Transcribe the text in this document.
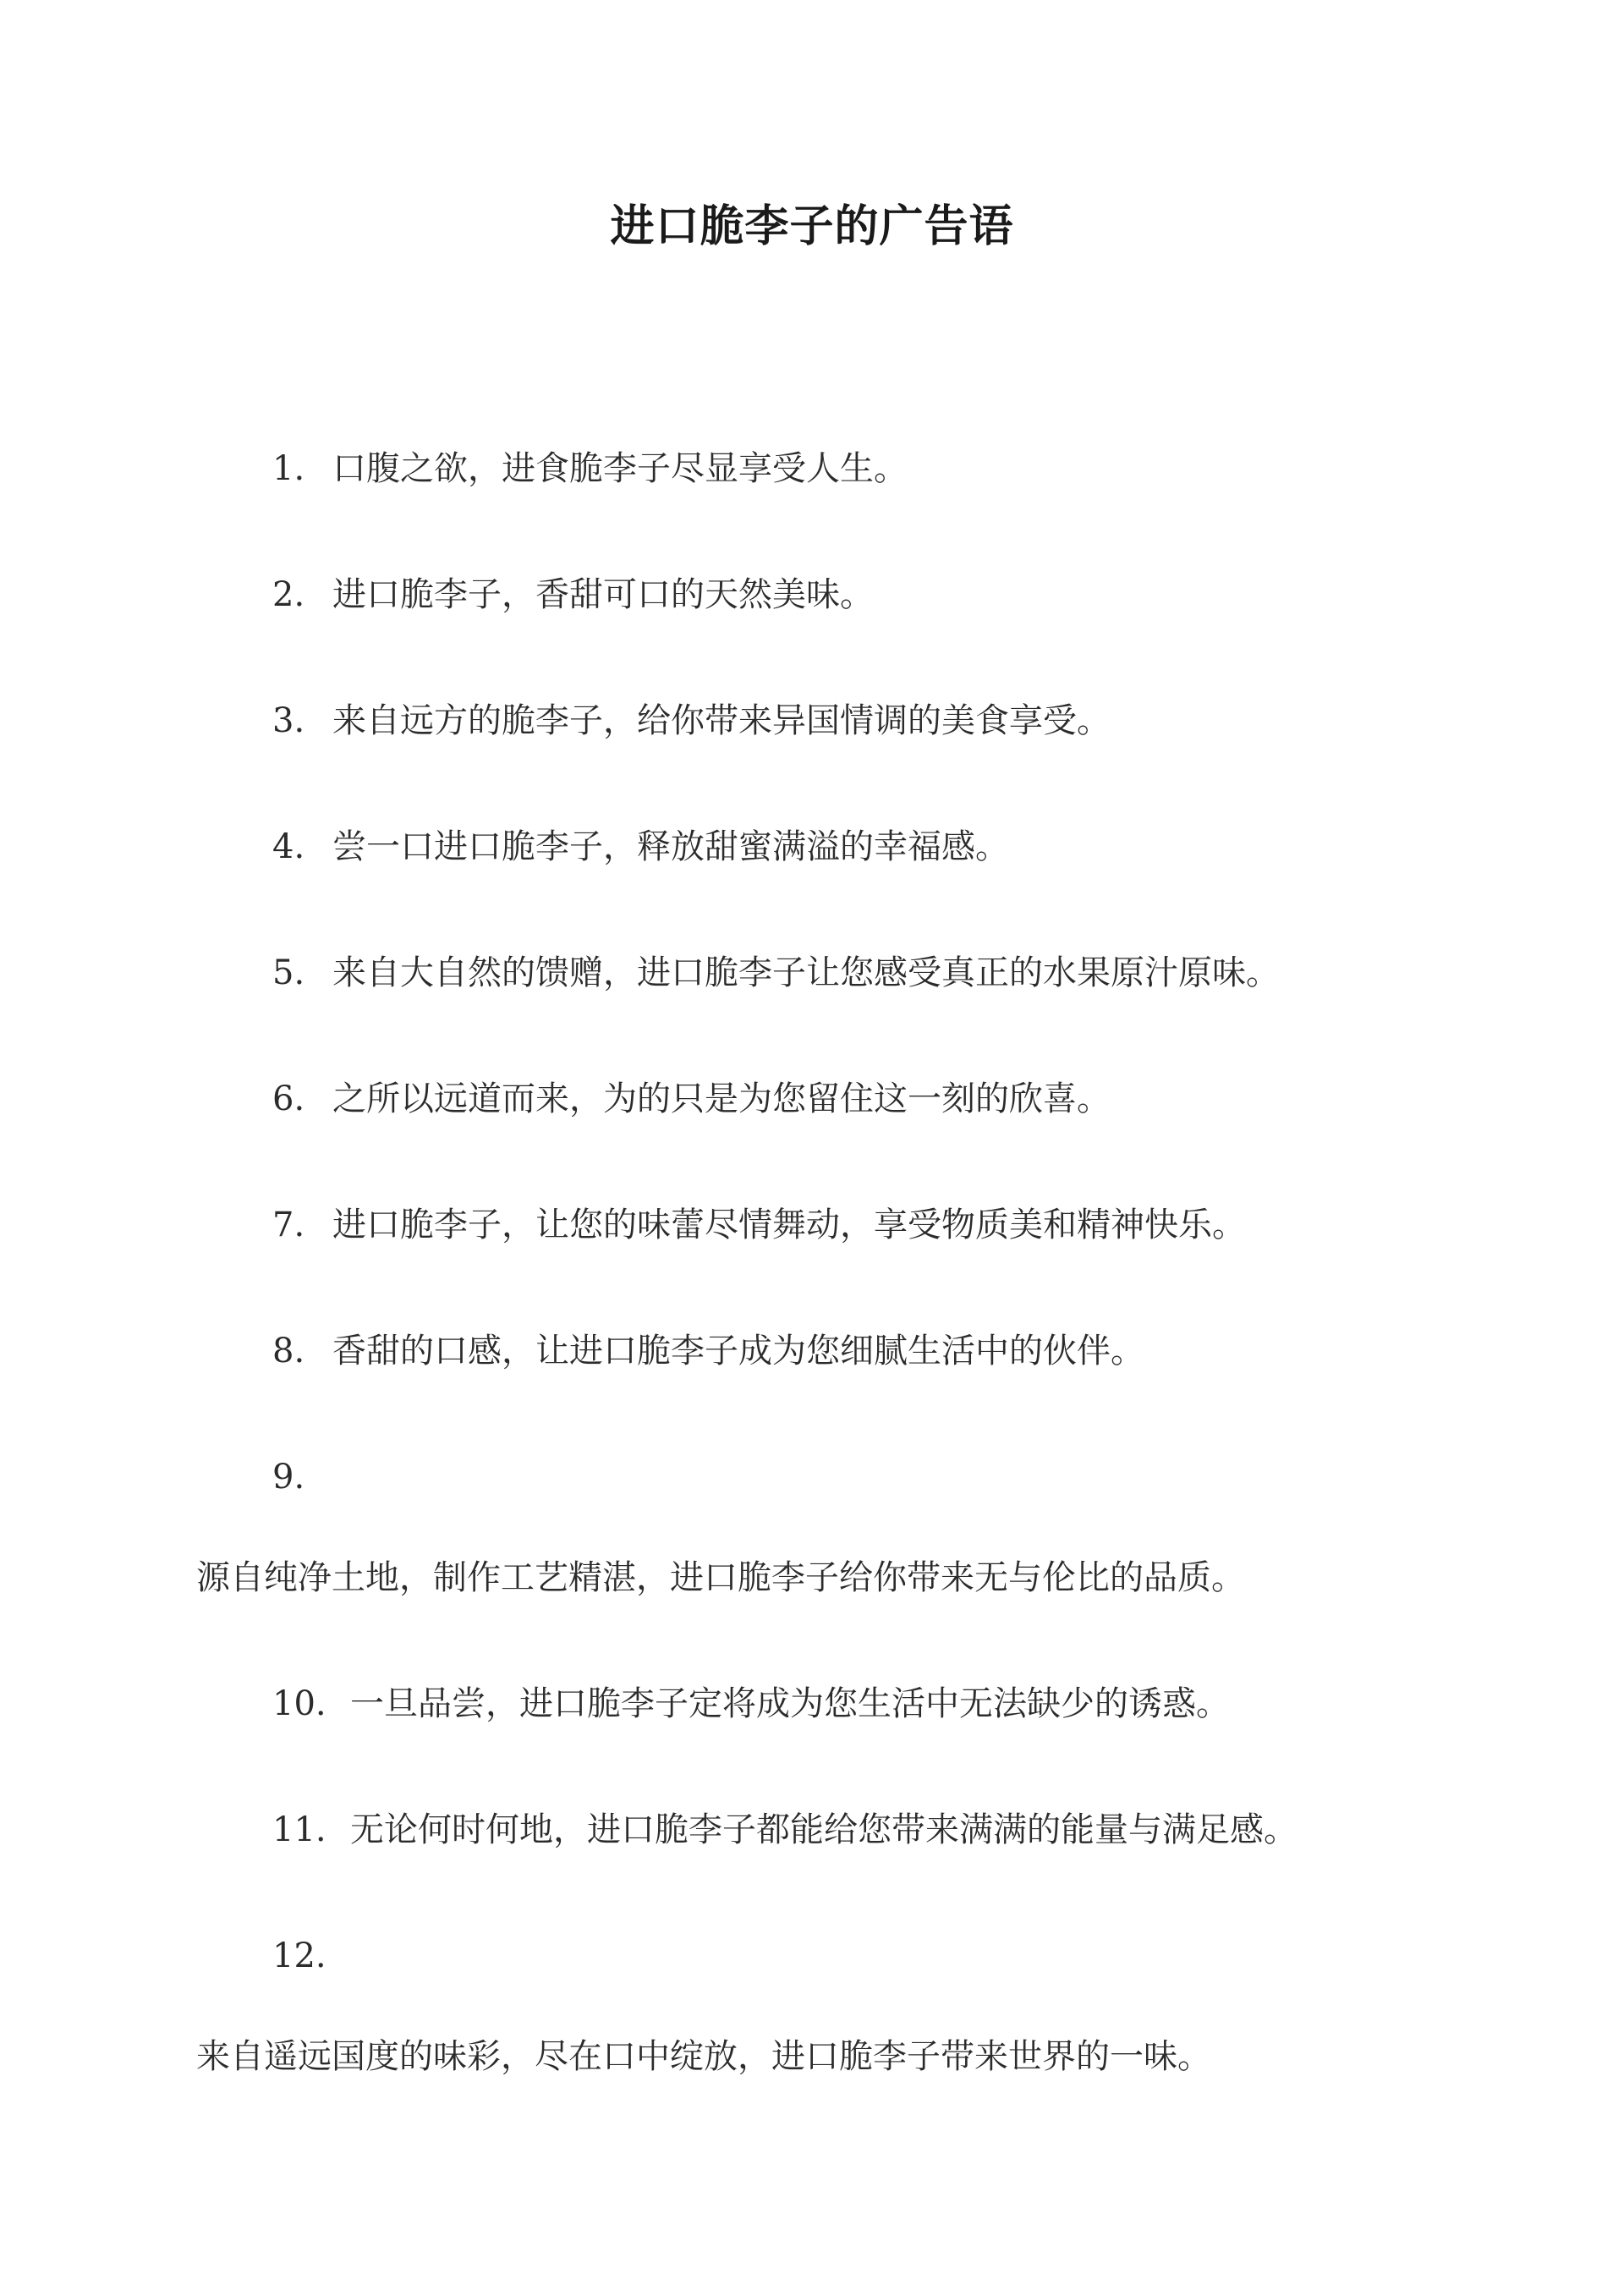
进口脆李子的广告语
1. 口腹之欲，进食脆李子尽显享受人生。
2. 进口脆李子，香甜可口的天然美味。
3. 来自远方的脆李子，给你带来异国情调的美食享受。
4. 尝一口进口脆李子，释放甜蜜满溢的幸福感。
5. 来自大自然的馈赠，进口脆李子让您感受真正的水果原汁原味。
6. 之所以远道而来，为的只是为您留住这一刻的欣喜。
7. 进口脆李子，让您的味蕾尽情舞动，享受物质美和精神快乐。
8. 香甜的口感，让进口脆李子成为您细腻生活中的伙伴。
9.
源自纯净土地，制作工艺精湛，进口脆李子给你带来无与伦比的品质。
10. 一旦品尝，进口脆李子定将成为您生活中无法缺少的诱惑。
11. 无论何时何地，进口脆李子都能给您带来满满的能量与满足感。
12.
来自遥远国度的味彩，尽在口中绽放，进口脆李子带来世界的一味。
